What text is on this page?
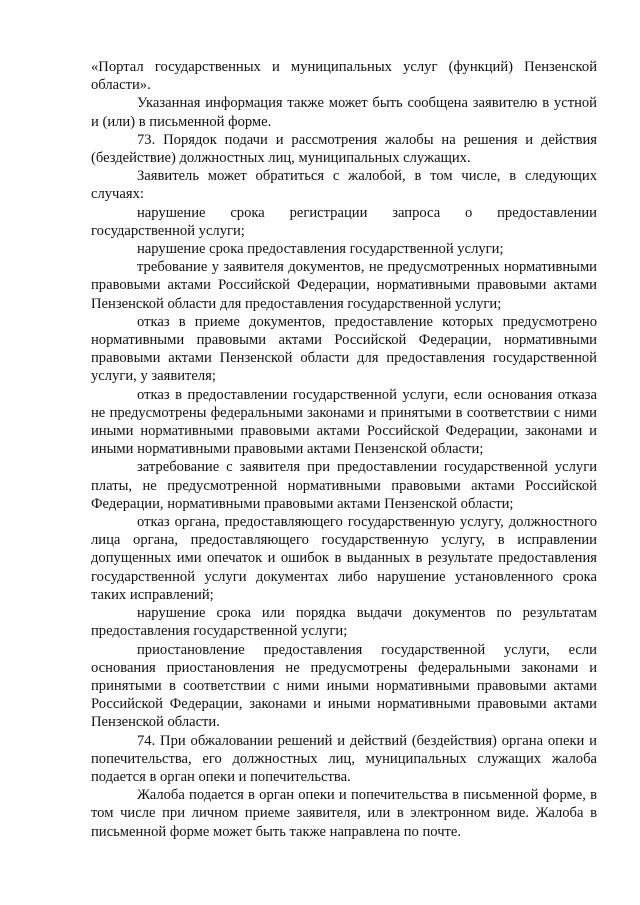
«Портал государственных и муниципальных услуг (функций) Пензенской области».

Указанная информация также может быть сообщена заявителю в устной и (или) в письменной форме.

73. Порядок подачи и рассмотрения жалобы на решения и действия (бездействие) должностных лиц, муниципальных служащих.

Заявитель может обратиться с жалобой, в том числе, в следующих случаях:

нарушение срока регистрации запроса о предоставлении государственной услуги;

нарушение срока предоставления государственной услуги;

требование у заявителя документов, не предусмотренных нормативными правовыми актами Российской Федерации, нормативными правовыми актами Пензенской области для предоставления государственной услуги;

отказ в приеме документов, предоставление которых предусмотрено нормативными правовыми актами Российской Федерации, нормативными правовыми актами Пензенской области для предоставления государственной услуги, у заявителя;

отказ в предоставлении государственной услуги, если основания отказа не предусмотрены федеральными законами и принятыми в соответствии с ними иными нормативными правовыми актами Российской Федерации, законами и иными нормативными правовыми актами Пензенской области;

затребование с заявителя при предоставлении государственной услуги платы, не предусмотренной нормативными правовыми актами Российской Федерации, нормативными правовыми актами Пензенской области;

отказ органа, предоставляющего государственную услугу, должностного лица органа, предоставляющего государственную услугу, в исправлении допущенных ими опечаток и ошибок в выданных в результате предоставления государственной услуги документах либо нарушение установленного срока таких исправлений;

нарушение срока или порядка выдачи документов по результатам предоставления государственной услуги;

приостановление предоставления государственной услуги, если основания приостановления не предусмотрены федеральными законами и принятыми в соответствии с ними иными нормативными правовыми актами Российской Федерации, законами и иными нормативными правовыми актами Пензенской области.

74. При обжаловании решений и действий (бездействия) органа опеки и попечительства, его должностных лиц, муниципальных служащих жалоба подается в орган опеки и попечительства.

Жалоба подается в орган опеки и попечительства в письменной форме, в том числе при личном приеме заявителя, или в электронном виде. Жалоба в письменной форме может быть также направлена по почте.
